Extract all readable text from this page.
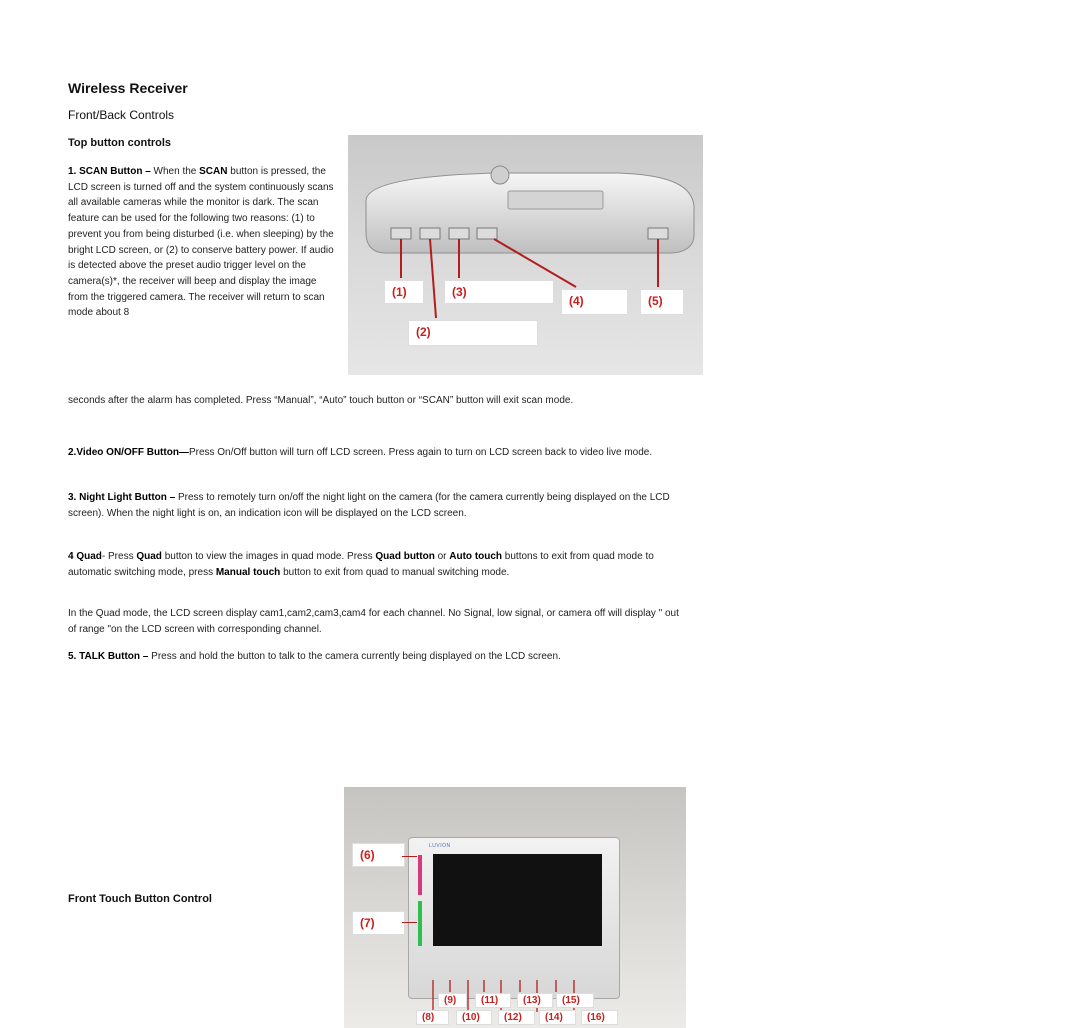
Wireless Receiver
Front/Back Controls
Top button controls
1. SCAN Button – When the SCAN button is pressed, the LCD screen is turned off and the system continuously scans all available cameras while the monitor is dark. The scan feature can be used for the following two reasons: (1) to prevent you from being disturbed (i.e. when sleeping) by the bright LCD screen, or (2) to conserve battery power. If audio is detected above the preset audio trigger level on the camera(s)*, the receiver will beep and display the image from the triggered camera. The receiver will return to scan mode about 8
seconds after the alarm has completed. Press “Manual”, “Auto” touch button or “SCAN” button will exit scan mode.
2.Video ON/OFF Button—Press On/Off button will turn off LCD screen. Press again to turn on LCD screen back to video live mode.
3. Night Light Button – Press to remotely turn on/off the night light on the camera (for the camera currently being displayed on the LCD screen). When the night light is on, an indication icon will be displayed on the LCD screen.
4 Quad- Press Quad button to view the images in quad mode. Press Quad button or Auto touch buttons to exit from quad mode to automatic switching mode, press Manual touch button to exit from quad to manual switching mode.
In the Quad mode, the LCD screen display cam1,cam2,cam3,cam4 for each channel. No Signal, low signal, or camera off will display " out of range "on the LCD screen with corresponding channel.
5. TALK Button – Press and hold the button to talk to the camera currently being displayed on the LCD screen.
(1)	(3)
(4)	(5)
(2)
Front Touch Button Control
LUVION
(6)
(7)
(9)	(11)	(13)	(15)
(8)	(10)	(12)	(14)	(16)
